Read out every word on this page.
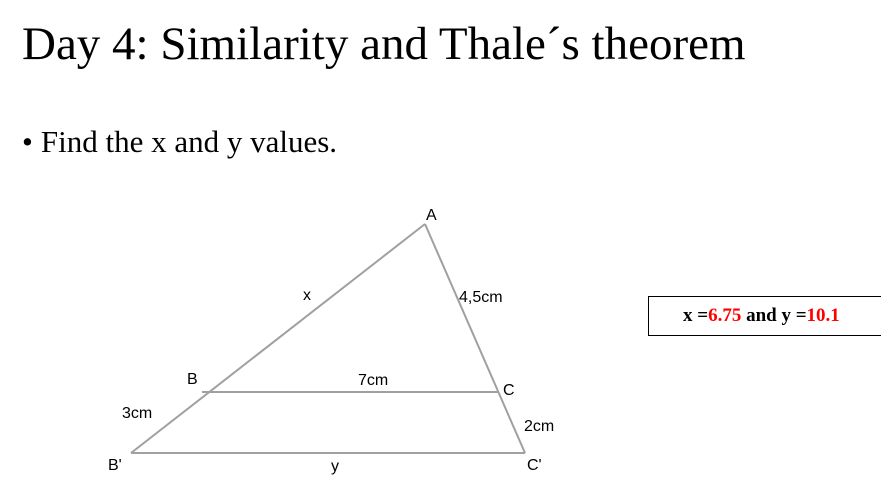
Day 4: Similarity and Thale´s theorem
• Find the x and y values.
A
x	4,5cm
B	7cm
C
3cm
2cm
B'	y	C'
x = 6.75 and y = 10.1
